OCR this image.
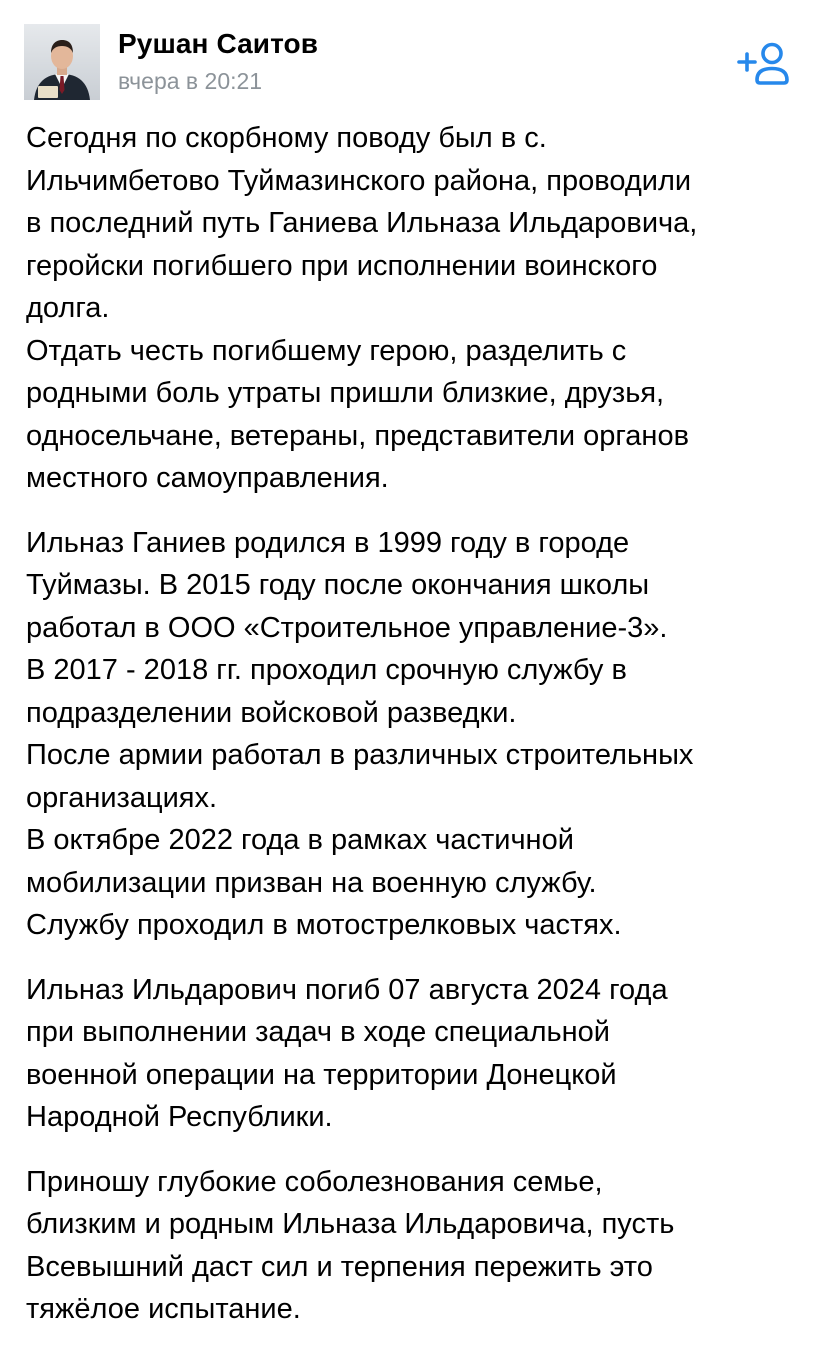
Рушан Саитов
вчера в 20:21

Сегодня по скорбному поводу был в с.
Ильчимбетово Туймазинского района, проводили
в последний путь Ганиева Ильназа Ильдаровича,
геройски погибшего при исполнении воинского
долга.
Отдать честь погибшему герою, разделить с
родными боль утраты пришли близкие, друзья,
односельчане, ветераны, представители органов
местного самоуправления.

Ильназ Ганиев родился в 1999 году в городе
Туймазы. В 2015 году после окончания школы
работал в ООО «Строительное управление-3».
В 2017 - 2018 гг. проходил срочную службу в
подразделении войсковой разведки.
После армии работал в различных строительных
организациях.
В октябре 2022 года в рамках частичной
мобилизации призван на военную службу.
Службу проходил в мотострелковых частях.

Ильназ Ильдарович погиб 07 августа 2024 года
при выполнении задач в ходе специальной
военной операции на территории Донецкой
Народной Республики.

Приношу глубокие соболезнования семье,
близким и родным Ильназа Ильдаровича, пусть
Всевышний даст сил и терпения пережить это
тяжёлое испытание.
